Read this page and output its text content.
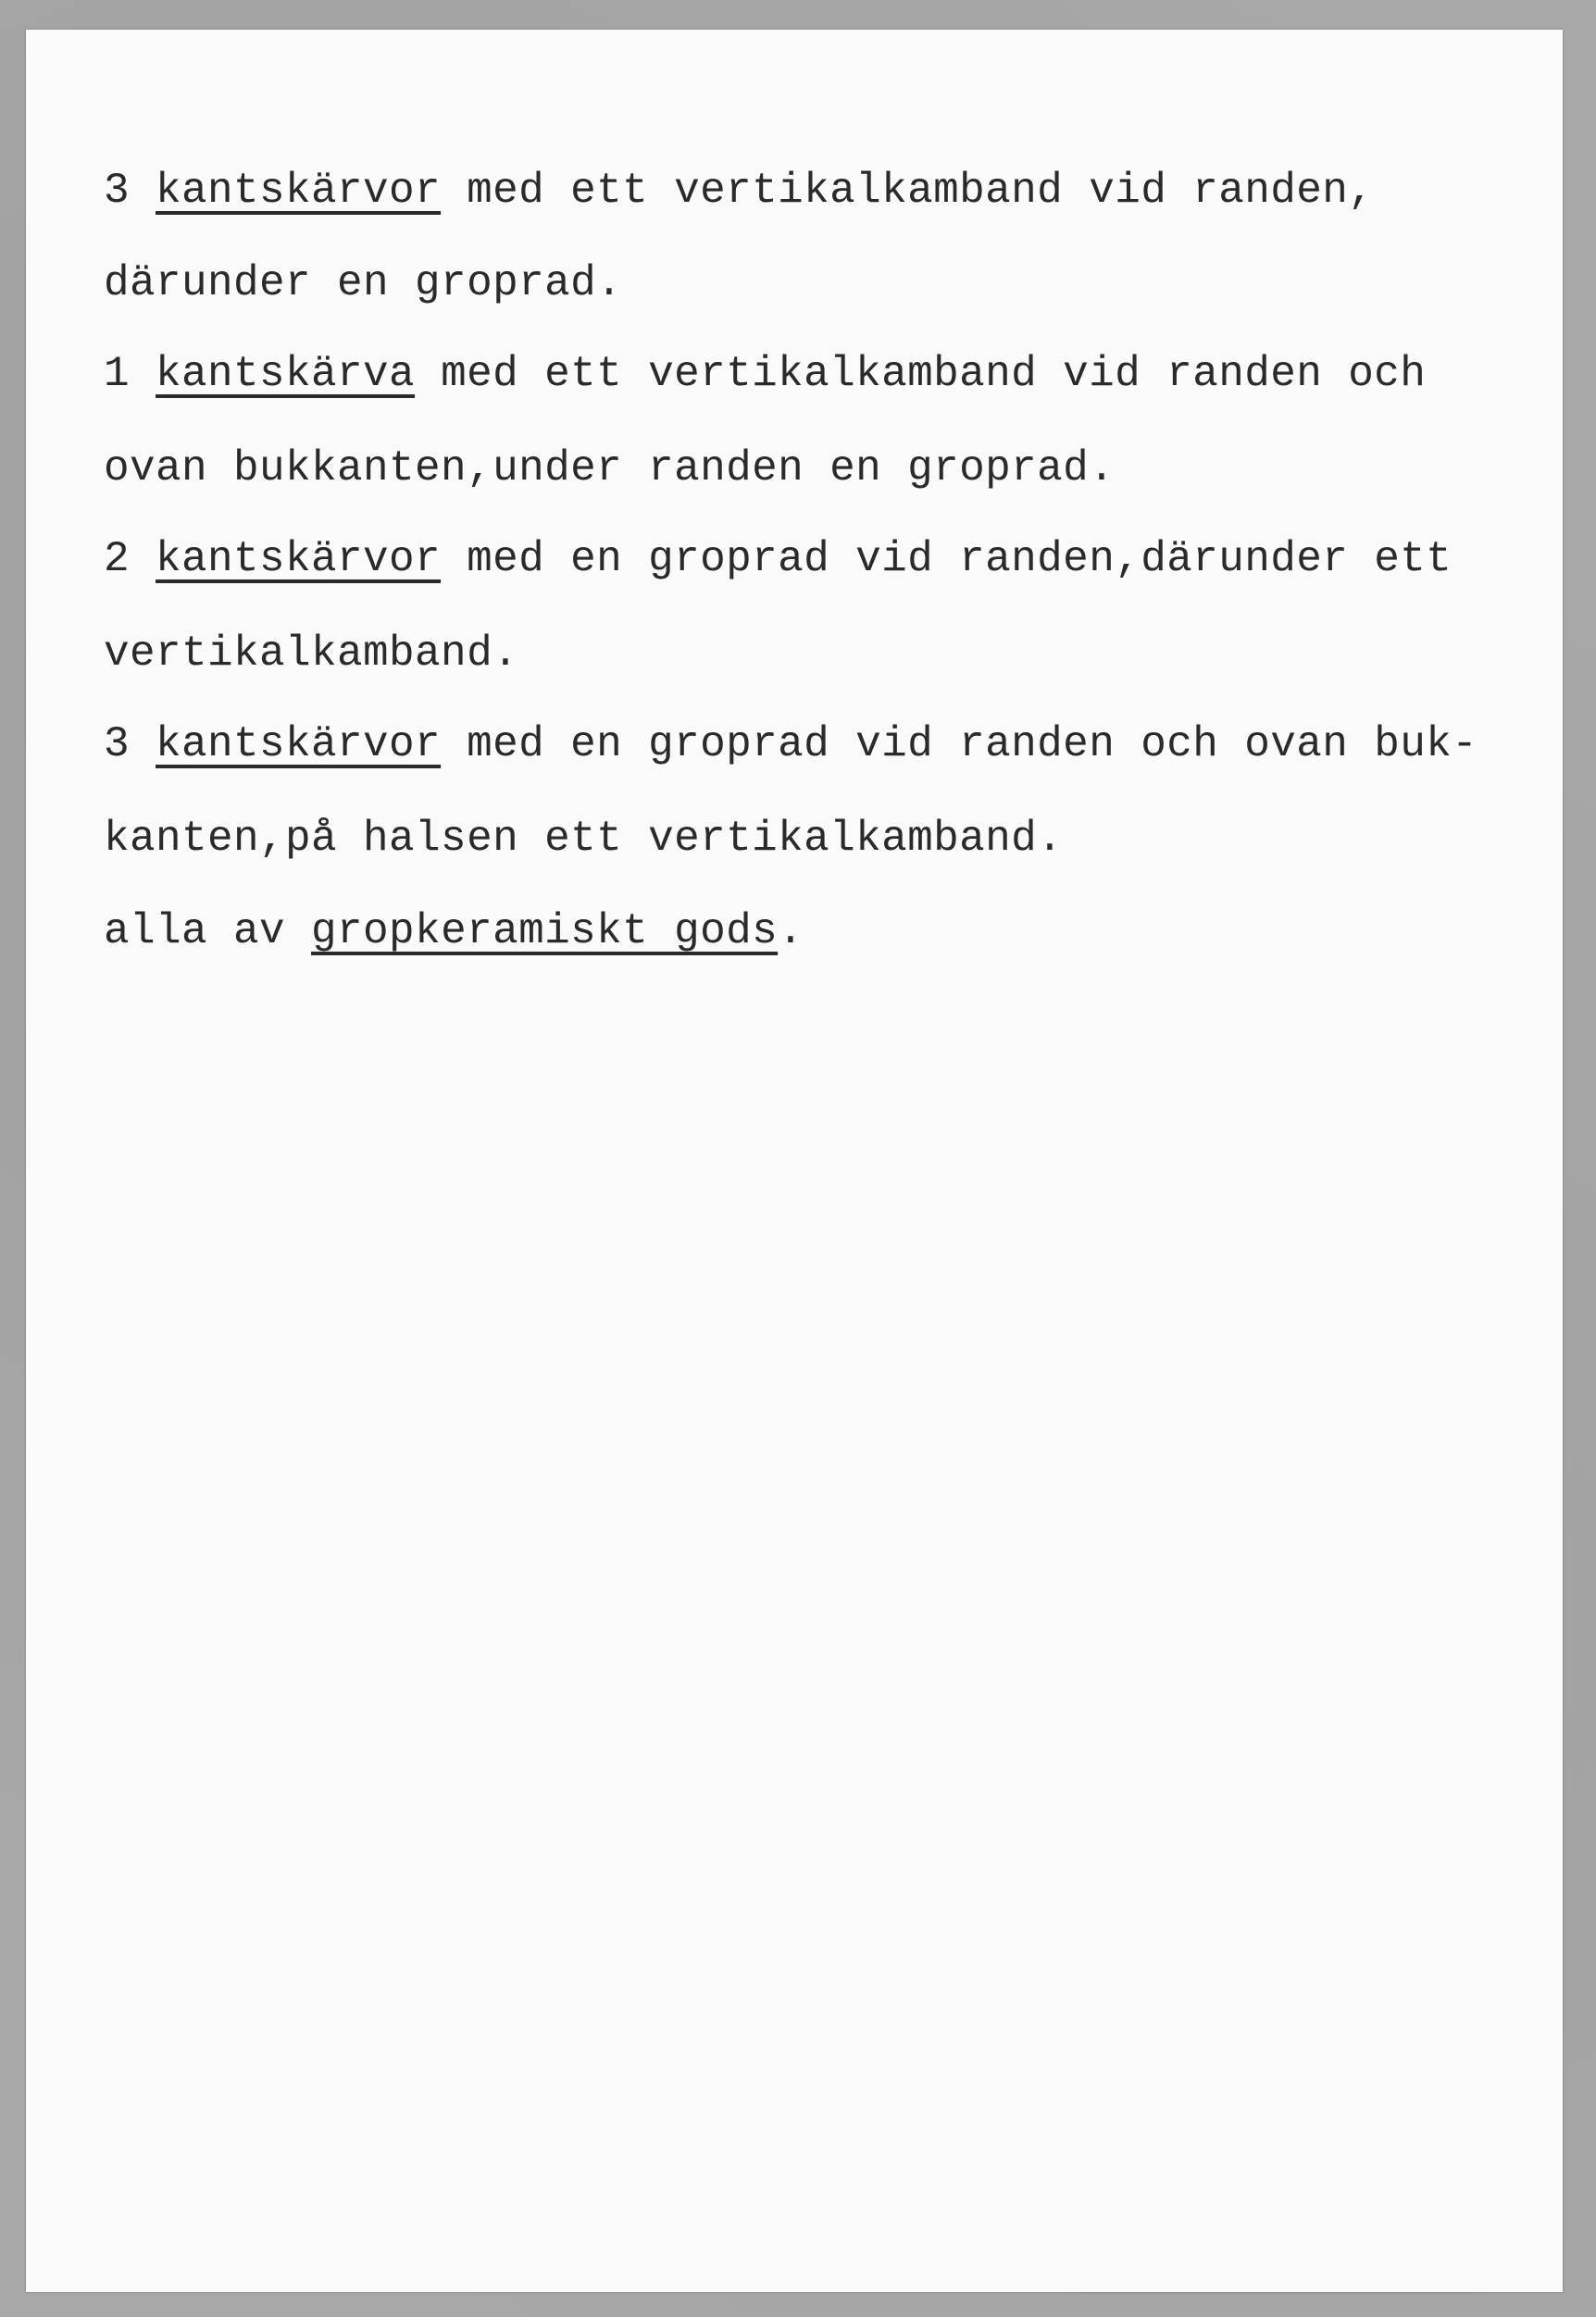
3 kantskärvor med ett vertikalkamband vid randen,
därunder en groprad.
1 kantskärva med ett vertikalkamband vid randen och
ovan bukkanten,under randen en groprad.
2 kantskärvor med en groprad vid randen,därunder ett
vertikalkamband.
3 kantskärvor med en groprad vid randen och ovan buk-
kanten,på halsen ett vertikalkamband.
alla av gropkeramiskt gods.
